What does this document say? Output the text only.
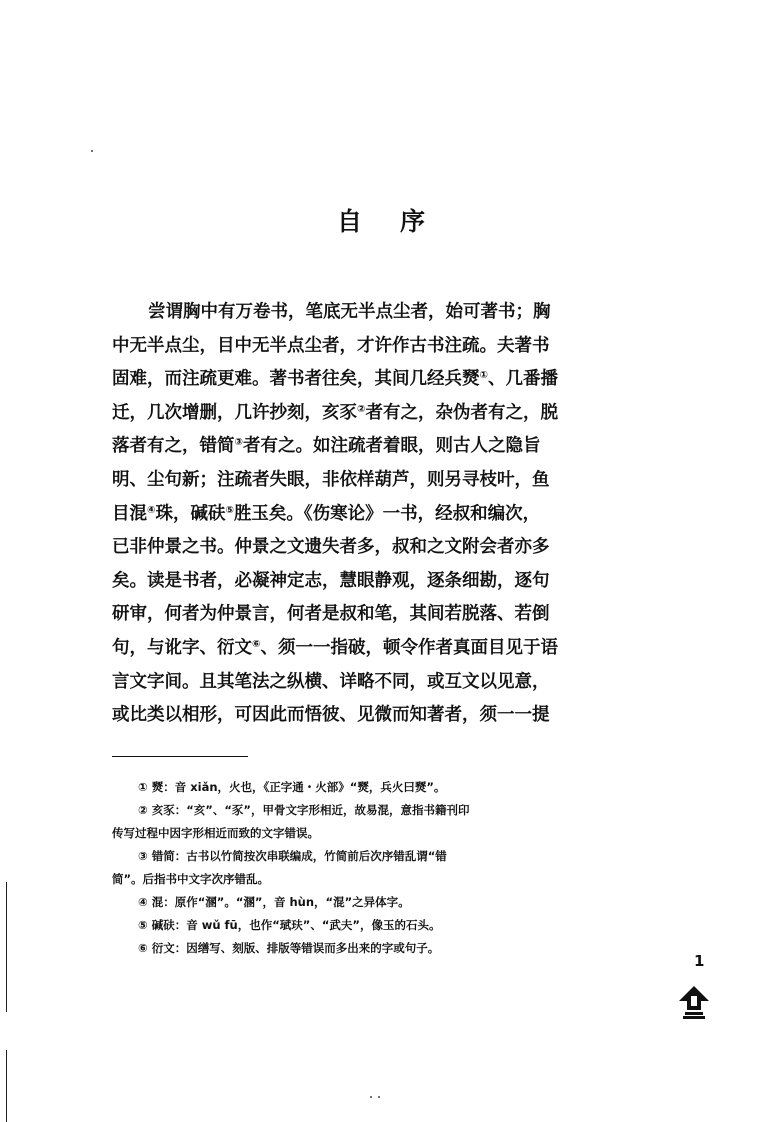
自 序
尝谓胸中有万卷书，笔底无半点尘者，始可著书；胸
中无半点尘，目中无半点尘者，才许作古书注疏。夫著书
固难，而注疏更难。著书者往矣，其间几经兵燹①、几番播
迁，几次增删，几许抄刻，亥豕②者有之，杂伪者有之，脱
落者有之，错简③者有之。如注疏者着眼，则古人之隐旨
明、尘句新；注疏者失眼，非依样葫芦，则另寻枝叶，鱼
目混④珠，碱砆⑤胜玉矣。《伤寒论》一书，经叔和编次，
已非仲景之书。仲景之文遗失者多，叔和之文附会者亦多
矣。读是书者，必凝神定志，慧眼静观，逐条细勘，逐句
研审，何者为仲景言，何者是叔和笔，其间若脱落、若倒
句，与讹字、衍文⑥、须一一指破，顿令作者真面目见于语
言文字间。且其笔法之纵横、详略不同，或互文以见意，
或比类以相形，可因此而悟彼、见微而知著者，须一一提
① 燹：音 xiǎn，火也，《正字通・火部》“燹，兵火曰燹”。
② 亥豕：“亥”、“豕”，甲骨文字形相近，故易混，意指书籍刊印
传写过程中因字形相近而致的文字错误。
③ 错简：古书以竹简按次串联编成，竹简前后次序错乱谓“错
简”。后指书中文字次序错乱。
④ 混：原作“溷”。“溷”，音 hùn，“混”之异体字。
⑤ 碱砆：音 wǔ fū，也作“珷玞”、“武夫”，像玉的石头。
⑥ 衍文：因缮写、刻版、排版等错误而多出来的字或句子。
1
